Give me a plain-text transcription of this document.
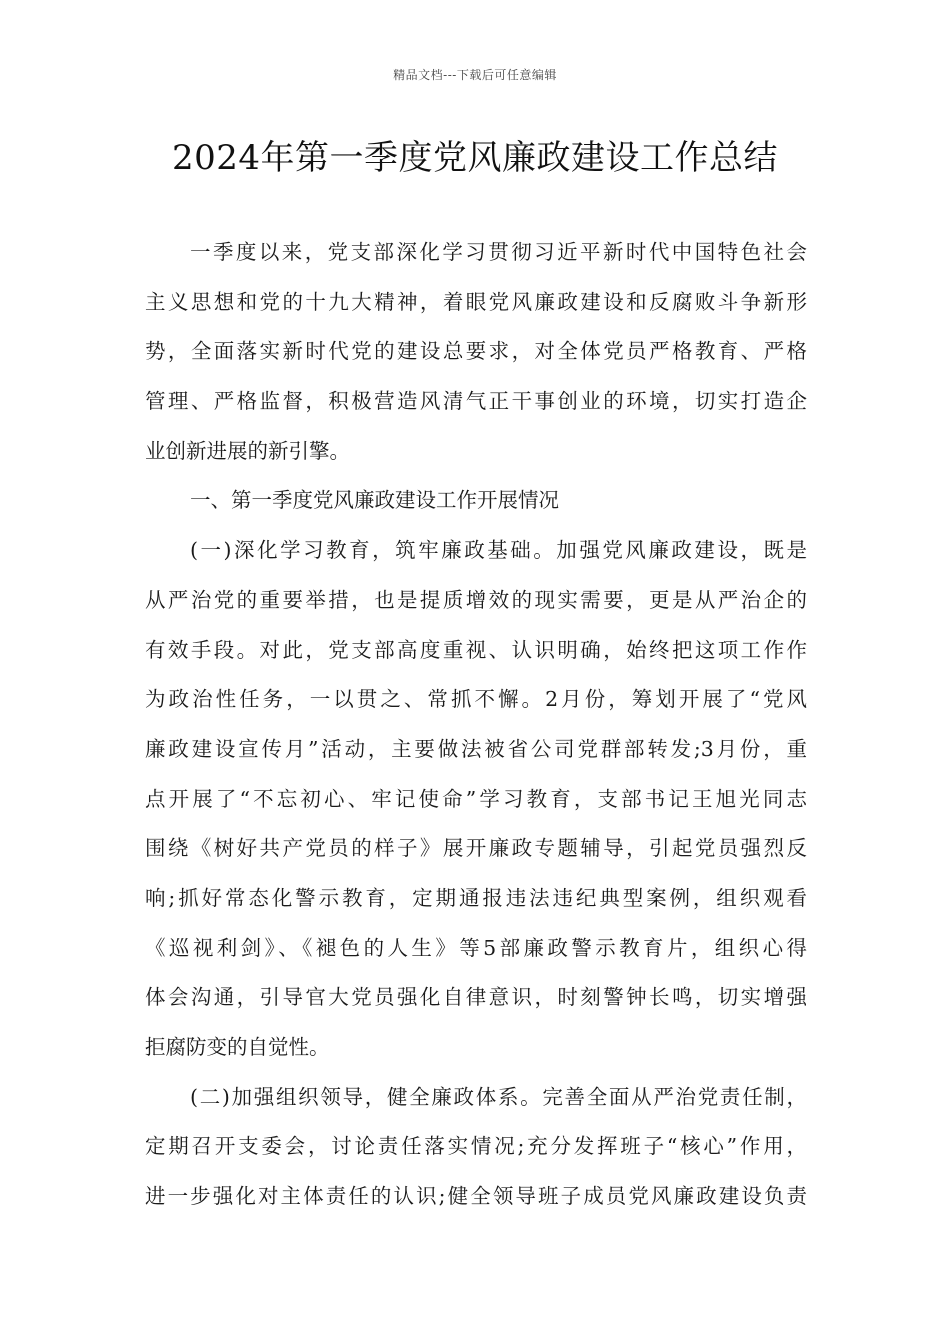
精品文档---下载后可任意编辑
2024年第一季度党风廉政建设工作总结
一季度以来，党支部深化学习贯彻习近平新时代中国特色社会
主义思想和党的十九大精神，着眼党风廉政建设和反腐败斗争新形
势，全面落实新时代党的建设总要求，对全体党员严格教育、严格
管理、严格监督，积极营造风清气正干事创业的环境，切实打造企
业创新进展的新引擎。
一、第一季度党风廉政建设工作开展情况
(一)深化学习教育，筑牢廉政基础。加强党风廉政建设，既是
从严治党的重要举措，也是提质增效的现实需要，更是从严治企的
有效手段。对此，党支部高度重视、认识明确，始终把这项工作作
为政治性任务，一以贯之、常抓不懈。2月份，筹划开展了“党风
廉政建设宣传月”活动，主要做法被省公司党群部转发;3月份，重
点开展了“不忘初心、牢记使命”学习教育，支部书记王旭光同志
围绕《树好共产党员的样子》展开廉政专题辅导，引起党员强烈反
响;抓好常态化警示教育，定期通报违法违纪典型案例，组织观看
《巡视利剑》、《褪色的人生》等5部廉政警示教育片，组织心得
体会沟通，引导官大党员强化自律意识，时刻警钟长鸣，切实增强
拒腐防变的自觉性。
(二)加强组织领导，健全廉政体系。完善全面从严治党责任制，
定期召开支委会，讨论责任落实情况;充分发挥班子“核心”作用，
进一步强化对主体责任的认识;健全领导班子成员党风廉政建设负责
